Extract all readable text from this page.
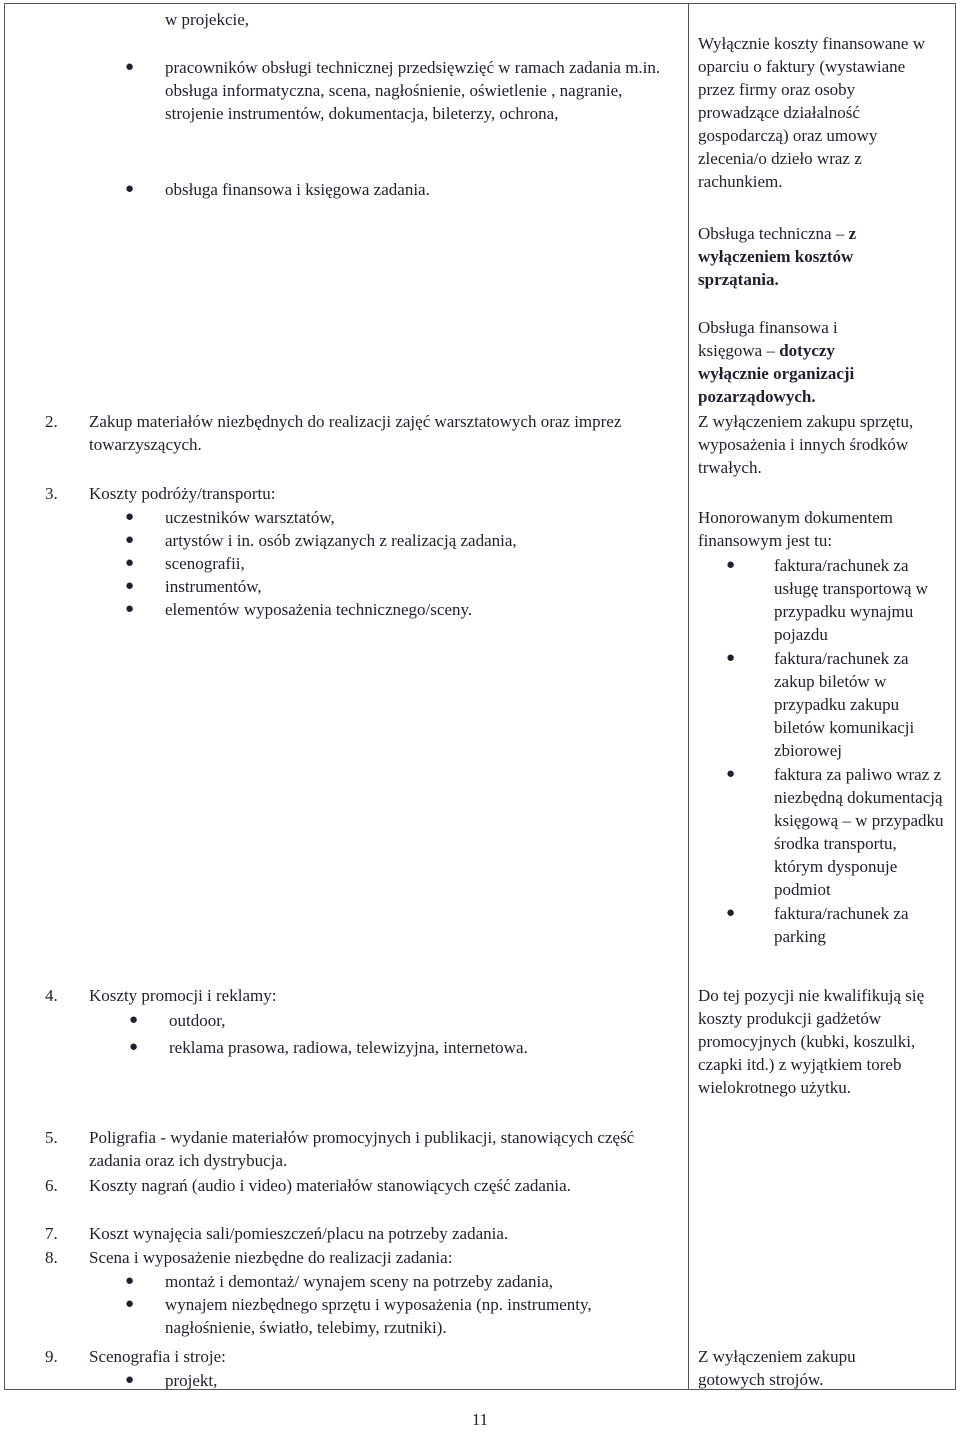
w projekcie,
● pracowników obsługi technicznej przedsięwzięć w ramach zadania m.in. obsługa informatyczna, scena, nagłośnienie, oświetlenie , nagranie, strojenie instrumentów, dokumentacja, bileterzy, ochrona,
● obsługa finansowa i księgowa zadania.
2. Zakup materiałów niezbędnych do realizacji zajęć warsztatowych oraz imprez towarzyszących.
3. Koszty podróży/transportu:
● uczestników warsztatów,
● artystów i in. osób związanych z realizacją zadania,
● scenografii,
● instrumentów,
● elementów wyposażenia technicznego/sceny.
4. Koszty promocji i reklamy:
● outdoor,
● reklama prasowa, radiowa, telewizyjna, internetowa.
5. Poligrafia - wydanie materiałów promocyjnych i publikacji, stanowiących część zadania oraz ich dystrybucja.
6. Koszty nagrań (audio i video) materiałów stanowiących część zadania.
7. Koszt wynajęcia sali/pomieszczeń/placu na potrzeby zadania.
8. Scena i wyposażenie niezbędne do realizacji zadania:
● montaż i demontaż/ wynajem sceny na potrzeby zadania,
● wynajem niezbędnego sprzętu i wyposażenia (np. instrumenty, nagłośnienie, światło, telebimy, rzutniki).
9. Scenografia i stroje:
● projekt,
Wyłącznie koszty finansowane w oparciu o faktury (wystawiane przez firmy oraz osoby prowadzące działalność gospodarczą) oraz umowy zlecenia/o dzieło wraz z rachunkiem.
Obsługa techniczna – z wyłączeniem kosztów sprzątania.
Obsługa finansowa i księgowa – dotyczy wyłącznie organizacji pozarządowych.
Z wyłączeniem zakupu sprzętu, wyposażenia i innych środków trwałych.
Honorowanym dokumentem finansowym jest tu:
● faktura/rachunek za usługę transportową w przypadku wynajmu pojazdu
● faktura/rachunek za zakup biletów w przypadku zakupu biletów komunikacji zbiorowej
● faktura za paliwo wraz z niezbędną dokumentacją księgową – w przypadku środka transportu, którym dysponuje podmiot
● faktura/rachunek za parking
Do tej pozycji nie kwalifikują się koszty produkcji gadżetów promocyjnych (kubki, koszulki, czapki itd.) z wyjątkiem toreb wielokrotnego użytku.
Z wyłączeniem zakupu gotowych strojów.
11
